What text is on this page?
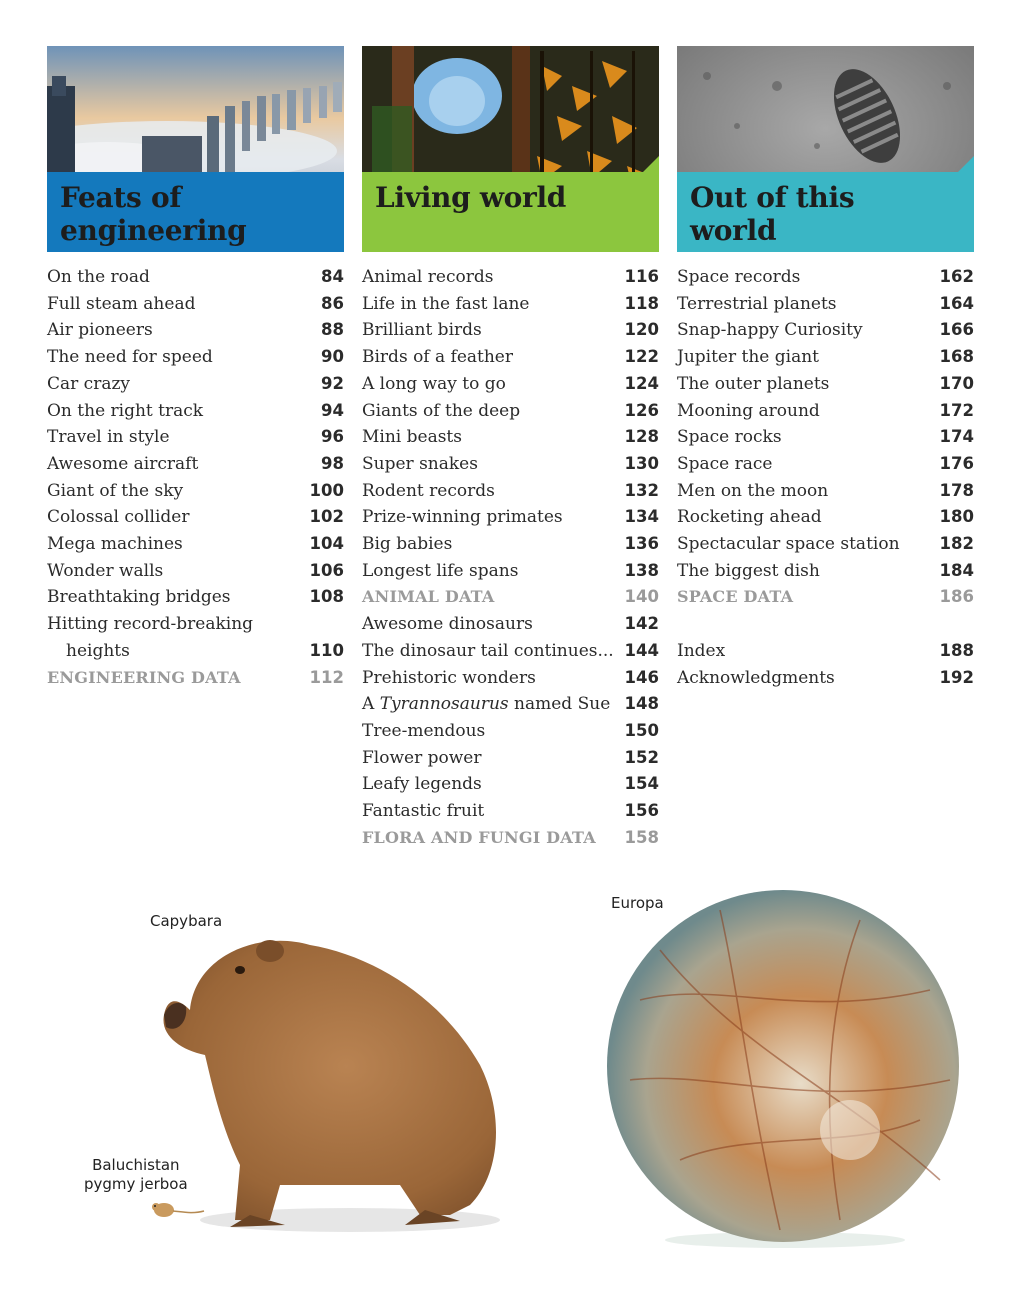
Feats of
engineering
On the road	84
Full steam ahead	86
Air pioneers	88
The need for speed	90
Car crazy	92
On the right track	94
Travel in style	96
Awesome aircraft	98
Giant of the sky	100
Colossal collider	102
Mega machines	104
Wonder walls	106
Breathtaking bridges	108
Hitting record-breaking
heights	110
ENGINEERING DATA	112
Living world
Animal records	116
Life in the fast lane	118
Brilliant birds	120
Birds of a feather	122
A long way to go	124
Giants of the deep	126
Mini beasts	128
Super snakes	130
Rodent records	132
Prize-winning primates	134
Big babies	136
Longest life spans	138
ANIMAL DATA	140
Awesome dinosaurs	142
The dinosaur tail continues... 144
Prehistoric wonders	146
A Tyrannosaurus named Sue 148
Tree-mendous	150
Flower power	152
Leafy legends	154
Fantastic fruit	156
FLORA AND FUNGI DATA 158
Out of this
world
Space records	162
Terrestrial planets	164
Snap-happy Curiosity	166
Jupiter the giant	168
The outer planets	170
Mooning around	172
Space rocks	174
Space race	176
Men on the moon	178
Rocketing ahead	180
Spectacular space station 182
The biggest dish	184
SPACE DATA	186
Index	188
Acknowledgments	192
Capybara
Baluchistan
pygmy jerboa
Europa
